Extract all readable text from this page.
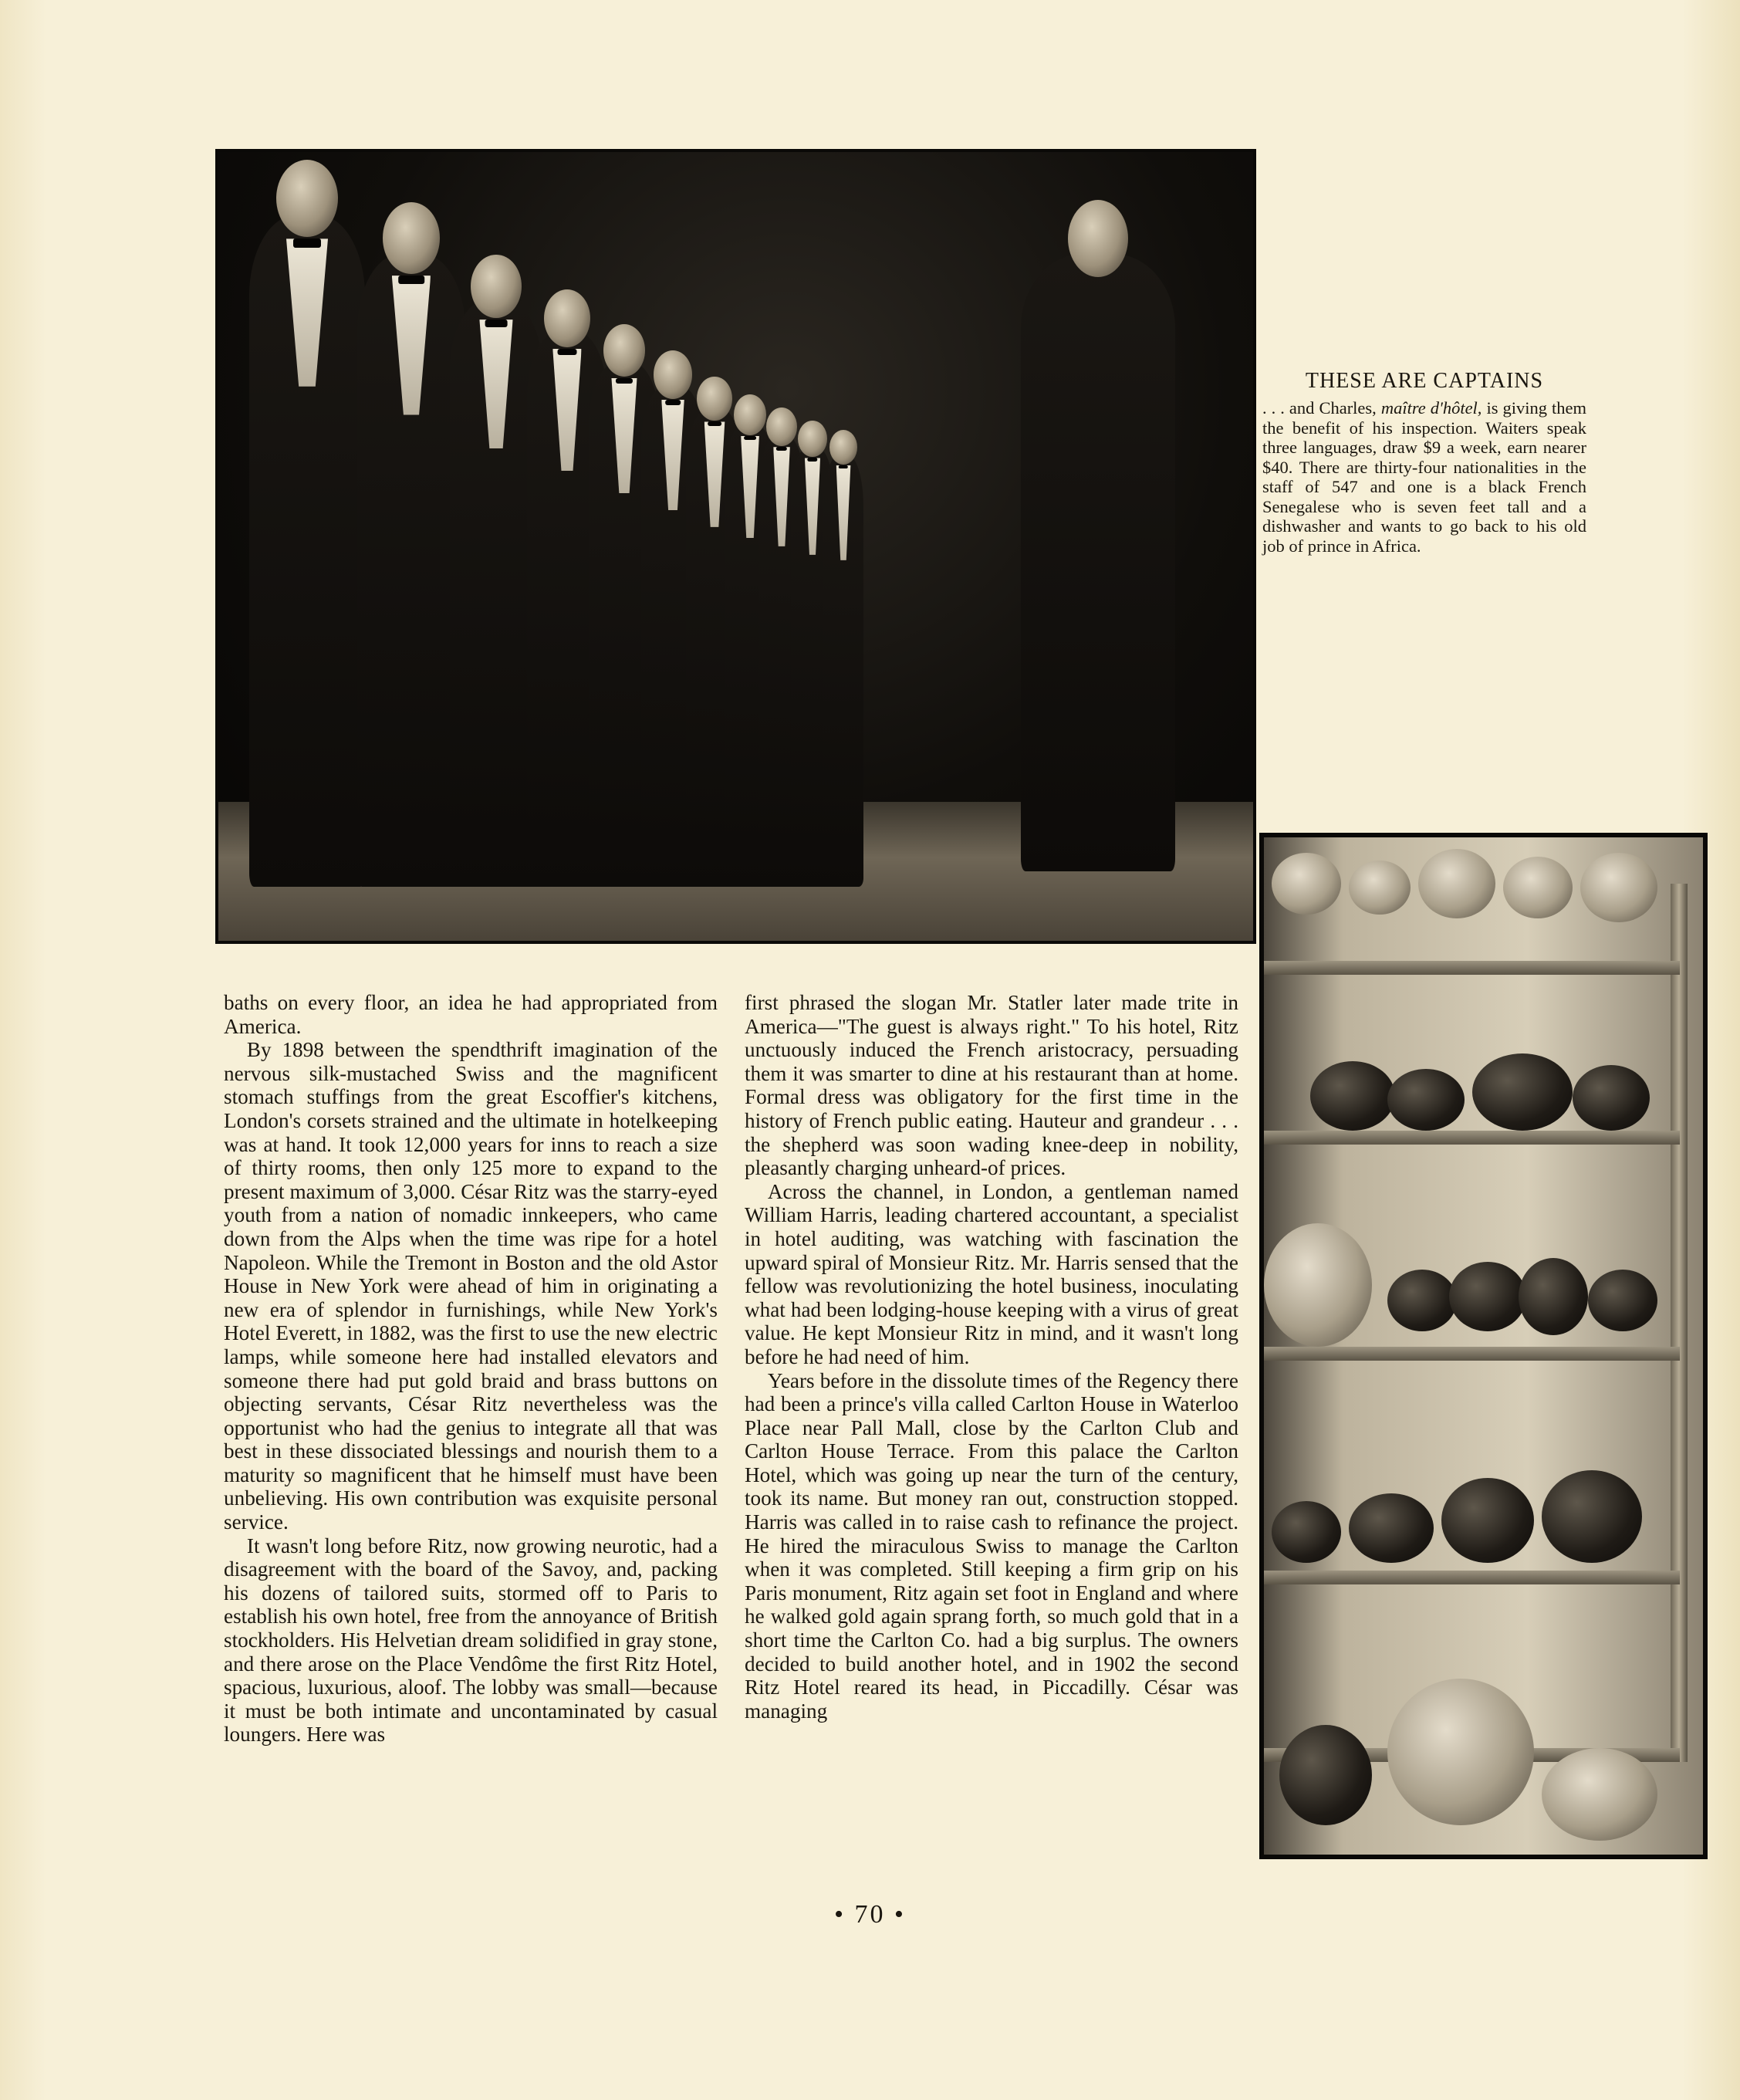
THESE ARE CAPTAINS

. . . and Charles, maître d'hôtel, is giving them the benefit of his inspection. Waiters speak three languages, draw $9 a week, earn nearer $40. There are thirty-four nationalities in the staff of 547 and one is a black French Senegalese who is seven feet tall and a dishwasher and wants to go back to his old job of prince in Africa.

baths on every floor, an idea he had appropriated from America.

By 1898 between the spendthrift imagination of the nervous silk-mustached Swiss and the magnificent stomach stuffings from the great Escoffier's kitchens, London's corsets strained and the ultimate in hotelkeeping was at hand. It took 12,000 years for inns to reach a size of thirty rooms, then only 125 more to expand to the present maximum of 3,000. César Ritz was the starry-eyed youth from a nation of nomadic innkeepers, who came down from the Alps when the time was ripe for a hotel Napoleon. While the Tremont in Boston and the old Astor House in New York were ahead of him in originating a new era of splendor in furnishings, while New York's Hotel Everett, in 1882, was the first to use the new electric lamps, while someone here had installed elevators and someone there had put gold braid and brass buttons on objecting servants, César Ritz nevertheless was the opportunist who had the genius to integrate all that was best in these dissociated blessings and nourish them to a maturity so magnificent that he himself must have been unbelieving. His own contribution was exquisite personal service.

It wasn't long before Ritz, now growing neurotic, had a disagreement with the board of the Savoy, and, packing his dozens of tailored suits, stormed off to Paris to establish his own hotel, free from the annoyance of British stockholders. His Helvetian dream solidified in gray stone, and there arose on the Place Vendôme the first Ritz Hotel, spacious, luxurious, aloof. The lobby was small—because it must be both intimate and uncontaminated by casual loungers. Here was

first phrased the slogan Mr. Statler later made trite in America—"The guest is always right." To his hotel, Ritz unctuously induced the French aristocracy, persuading them it was smarter to dine at his restaurant than at home. Formal dress was obligatory for the first time in the history of French public eating. Hauteur and grandeur . . . the shepherd was soon wading knee-deep in nobility, pleasantly charging unheard-of prices.

Across the channel, in London, a gentleman named William Harris, leading chartered accountant, a specialist in hotel auditing, was watching with fascination the upward spiral of Monsieur Ritz. Mr. Harris sensed that the fellow was revolutionizing the hotel business, inoculating what had been lodging-house keeping with a virus of great value. He kept Monsieur Ritz in mind, and it wasn't long before he had need of him.

Years before in the dissolute times of the Regency there had been a prince's villa called Carlton House in Waterloo Place near Pall Mall, close by the Carlton Club and Carlton House Terrace. From this palace the Carlton Hotel, which was going up near the turn of the century, took its name. But money ran out, construction stopped. Harris was called in to raise cash to refinance the project. He hired the miraculous Swiss to manage the Carlton when it was completed. Still keeping a firm grip on his Paris monument, Ritz again set foot in England and where he walked gold again sprang forth, so much gold that in a short time the Carlton Co. had a big surplus. The owners decided to build another hotel, and in 1902 the second Ritz Hotel reared its head, in Piccadilly. César was managing

• 70 •
